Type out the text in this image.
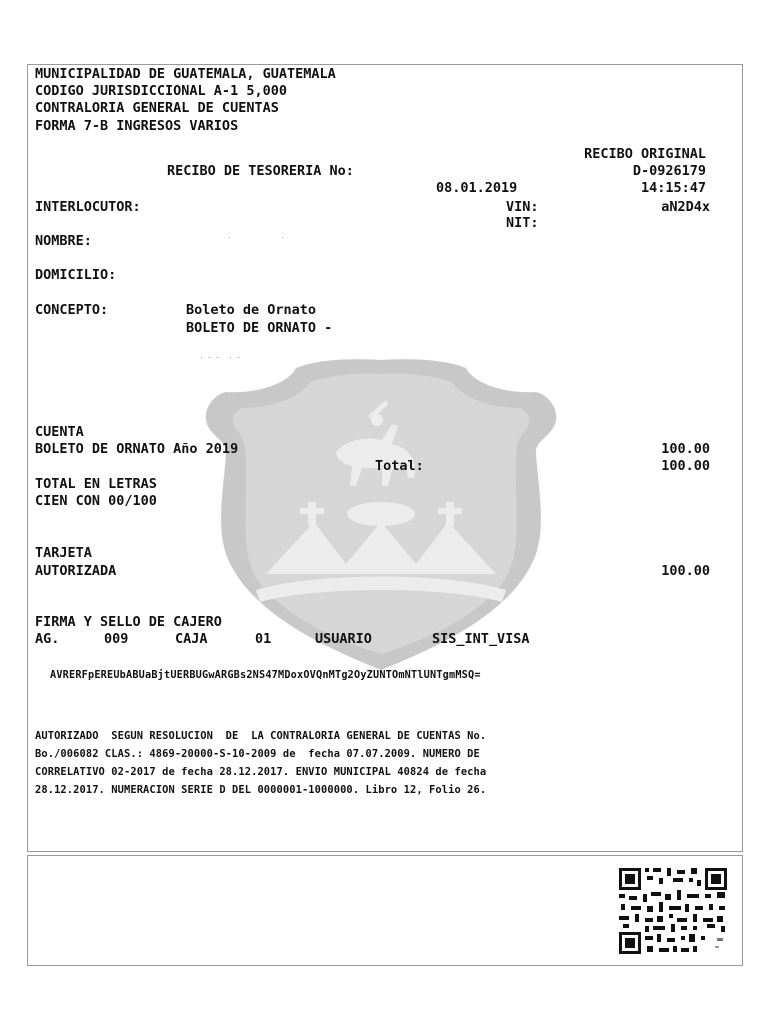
MUNICIPALIDAD DE GUATEMALA, GUATEMALA
CODIGO JURISDICCIONAL A-1 5,000
CONTRALORIA GENERAL DE CUENTAS
FORMA 7-B INGRESOS VARIOS
RECIBO ORIGINAL
RECIBO DE TESORERIA No:	D-0926179
08.01.2019	14:15:47
INTERLOCUTOR:	VIN:	aN2D4x
NIT:
NOMBRE:	·                    ·
DOMICILIO:
CONCEPTO:	Boleto de Ornato
BOLETO DE ORNATO -
·  -  -    ·  -
CUENTA
BOLETO DE ORNATO Año 2019	100.00
Total:	100.00
TOTAL EN LETRAS
CIEN CON 00/100
TARJETA
AUTORIZADA	100.00
FIRMA Y SELLO DE CAJERO
AG.	009	CAJA	01	USUARIO	SIS_INT_VISA
AVRERFpEREUbABUaBjtUERBUGwARGBs2NS47MDoxOVQnMTg2OyZUNTOmNTlUNTgmMSQ=
AUTORIZADO  SEGUN RESOLUCION  DE  LA CONTRALORIA GENERAL DE CUENTAS No.
Bo./006082 CLAS.: 4869-20000-S-10-2009 de  fecha 07.07.2009. NUMERO DE
CORRELATIVO 02-2017 de fecha 28.12.2017. ENVIO MUNICIPAL 40824 de fecha
28.12.2017. NUMERACION SERIE D DEL 0000001-1000000. Libro 12, Folio 26.
